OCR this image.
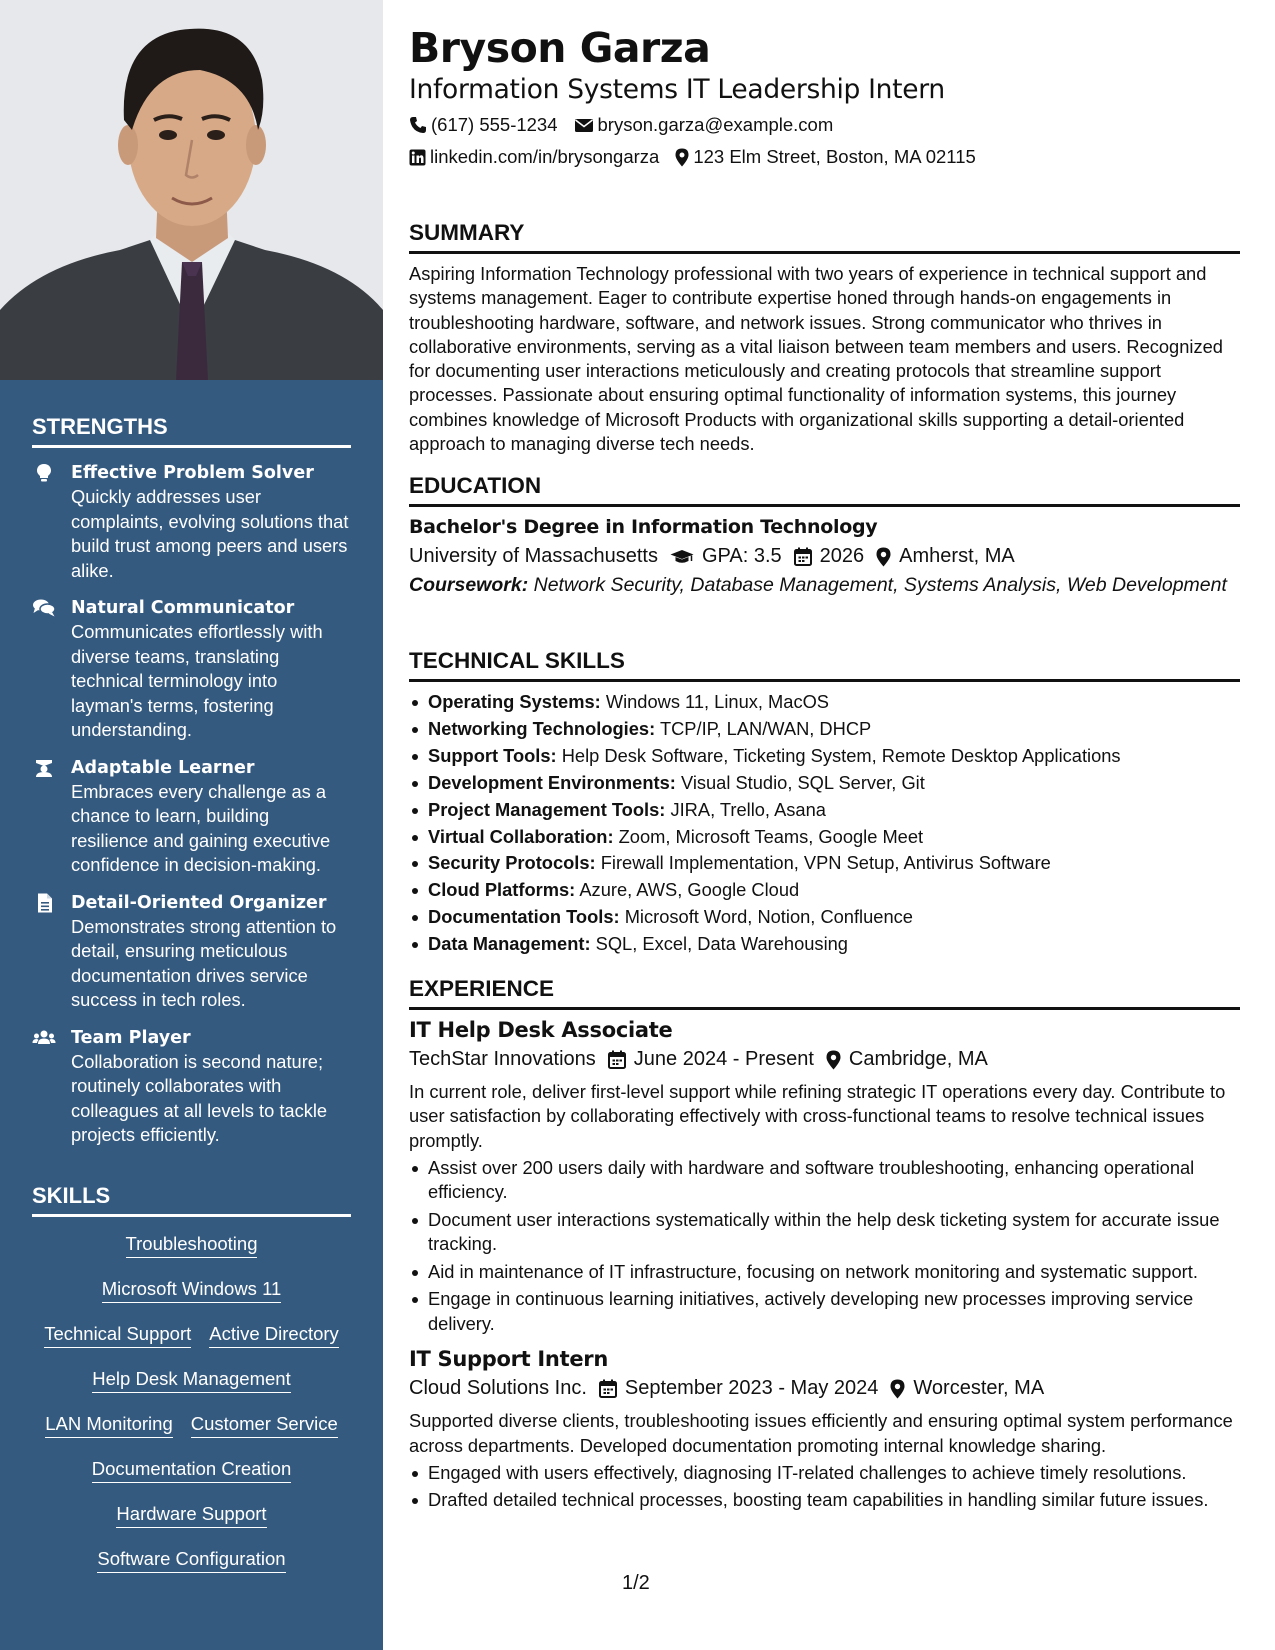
STRENGTHS
Effective Problem Solver
Quickly addresses user complaints, evolving solutions that build trust among peers and users alike.
Natural Communicator
Communicates effortlessly with diverse teams, translating technical terminology into layman's terms, fostering understanding.
Adaptable Learner
Embraces every challenge as a chance to learn, building resilience and gaining executive confidence in decision-making.
Detail-Oriented Organizer
Demonstrates strong attention to detail, ensuring meticulous documentation drives service success in tech roles.
Team Player
Collaboration is second nature; routinely collaborates with colleagues at all levels to tackle projects efficiently.
SKILLS
Troubleshooting
Microsoft Windows 11
Technical Support Active Directory
Help Desk Management
LAN Monitoring Customer Service
Documentation Creation
Hardware Support
Software Configuration
Bryson Garza
Information Systems IT Leadership Intern
(617) 555-1234 bryson.garza@example.com
linkedin.com/in/brysongarza 123 Elm Street, Boston, MA 02115
SUMMARY
Aspiring Information Technology professional with two years of experience in technical support and systems management. Eager to contribute expertise honed through hands-on engagements in troubleshooting hardware, software, and network issues. Strong communicator who thrives in collaborative environments, serving as a vital liaison between team members and users. Recognized for documenting user interactions meticulously and creating protocols that streamline support processes. Passionate about ensuring optimal functionality of information systems, this journey combines knowledge of Microsoft Products with organizational skills supporting a detail-oriented approach to managing diverse tech needs.
EDUCATION
Bachelor's Degree in Information Technology
University of Massachusetts GPA: 3.5 2026 Amherst, MA
Coursework: Network Security, Database Management, Systems Analysis, Web Development
TECHNICAL SKILLS
Operating Systems: Windows 11, Linux, MacOS
Networking Technologies: TCP/IP, LAN/WAN, DHCP
Support Tools: Help Desk Software, Ticketing System, Remote Desktop Applications
Development Environments: Visual Studio, SQL Server, Git
Project Management Tools: JIRA, Trello, Asana
Virtual Collaboration: Zoom, Microsoft Teams, Google Meet
Security Protocols: Firewall Implementation, VPN Setup, Antivirus Software
Cloud Platforms: Azure, AWS, Google Cloud
Documentation Tools: Microsoft Word, Notion, Confluence
Data Management: SQL, Excel, Data Warehousing
EXPERIENCE
IT Help Desk Associate
TechStar Innovations June 2024 - Present Cambridge, MA
In current role, deliver first-level support while refining strategic IT operations every day. Contribute to user satisfaction by collaborating effectively with cross-functional teams to resolve technical issues promptly.
Assist over 200 users daily with hardware and software troubleshooting, enhancing operational efficiency.
Document user interactions systematically within the help desk ticketing system for accurate issue tracking.
Aid in maintenance of IT infrastructure, focusing on network monitoring and systematic support.
Engage in continuous learning initiatives, actively developing new processes improving service delivery.
IT Support Intern
Cloud Solutions Inc. September 2023 - May 2024 Worcester, MA
Supported diverse clients, troubleshooting issues efficiently and ensuring optimal system performance across departments. Developed documentation promoting internal knowledge sharing.
Engaged with users effectively, diagnosing IT-related challenges to achieve timely resolutions.
Drafted detailed technical processes, boosting team capabilities in handling similar future issues.
1/2
